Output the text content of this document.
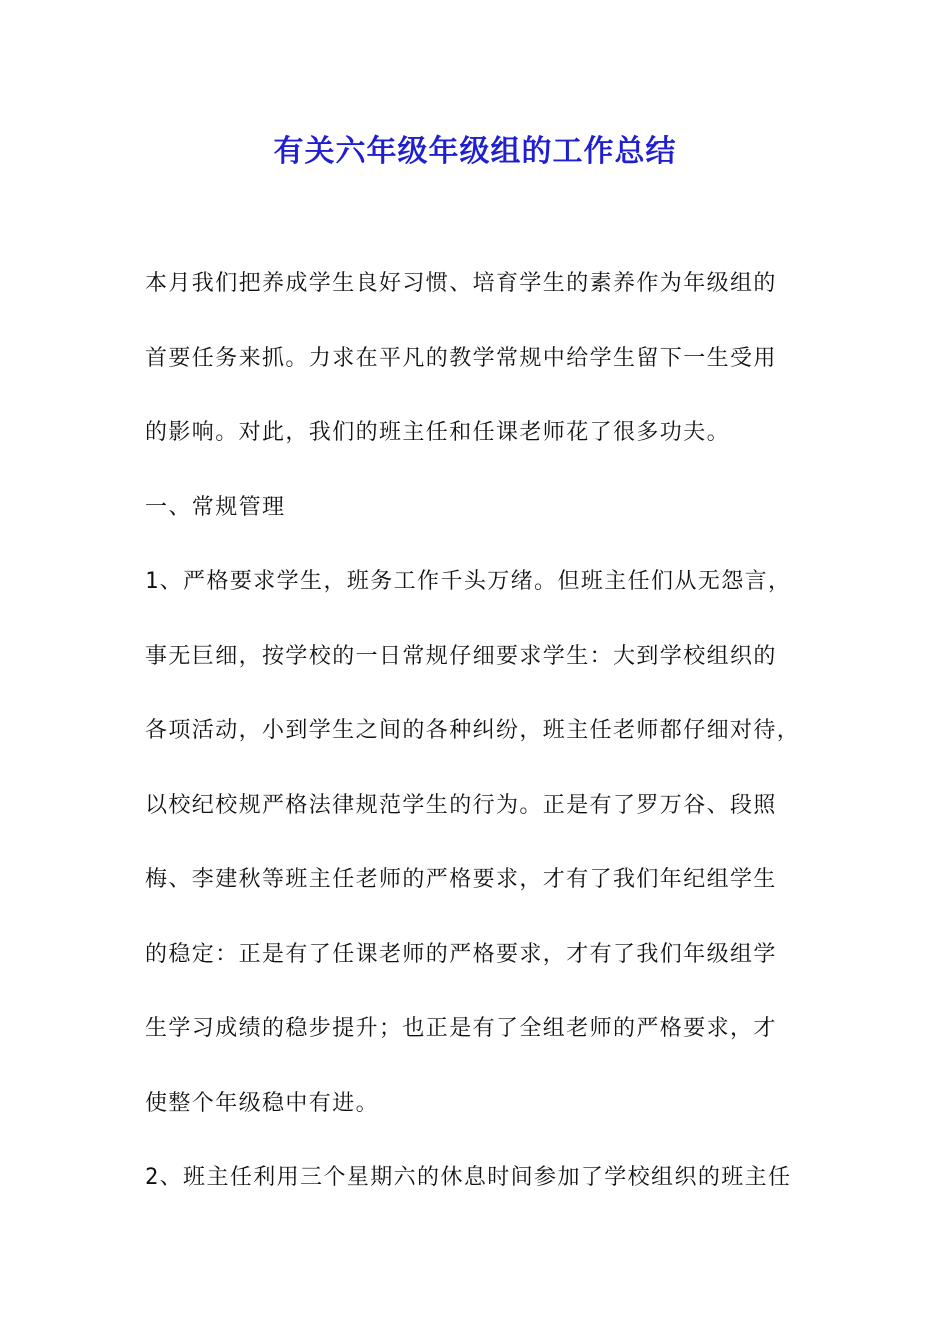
有关六年级年级组的工作总结
本月我们把养成学生良好习惯、培育学生的素养作为年级组的
首要任务来抓。力求在平凡的教学常规中给学生留下一生受用
的影响。对此，我们的班主任和任课老师花了很多功夫。
一、常规管理
1、严格要求学生，班务工作千头万绪。但班主任们从无怨言，
事无巨细，按学校的一日常规仔细要求学生：大到学校组织的
各项活动，小到学生之间的各种纠纷，班主任老师都仔细对待，
以校纪校规严格法律规范学生的行为。正是有了罗万谷、段照
梅、李建秋等班主任老师的严格要求，才有了我们年纪组学生
的稳定：正是有了任课老师的严格要求，才有了我们年级组学
生学习成绩的稳步提升；也正是有了全组老师的严格要求，才
使整个年级稳中有进。
2、班主任利用三个星期六的休息时间参加了学校组织的班主任
